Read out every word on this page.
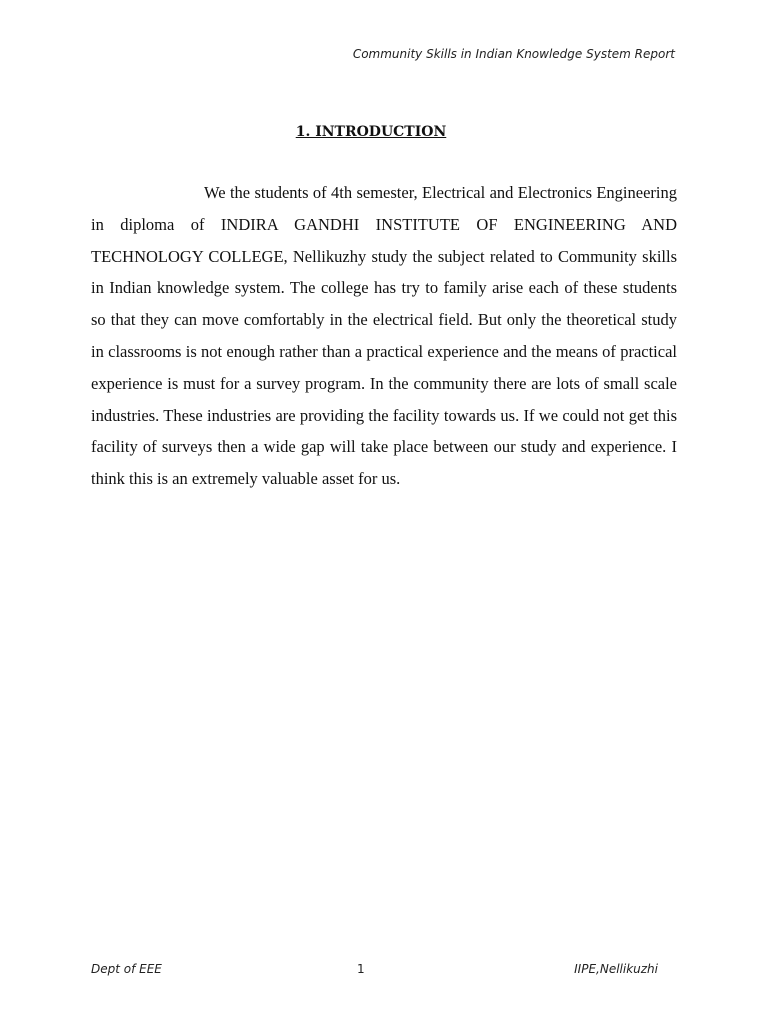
Community Skills in Indian Knowledge System Report
1. INTRODUCTION

We the students of 4th semester, Electrical and Electronics Engineering in diploma of INDIRA GANDHI INSTITUTE OF ENGINEERING AND TECHNOLOGY COLLEGE, Nellikuzhy study the subject related to Community skills in Indian knowledge system. The college has try to family arise each of these students so that they can move comfortably in the electrical field. But only the theoretical study in classrooms is not enough rather than a practical experience and the means of practical experience is must for a survey program. In the community there are lots of small scale industries. These industries are providing the facility towards us. If we could not get this facility of surveys then a wide gap will take place between our study and experience. I think this is an extremely valuable asset for us.

Dept of EEE	1	IIPE,Nellikuzhi
